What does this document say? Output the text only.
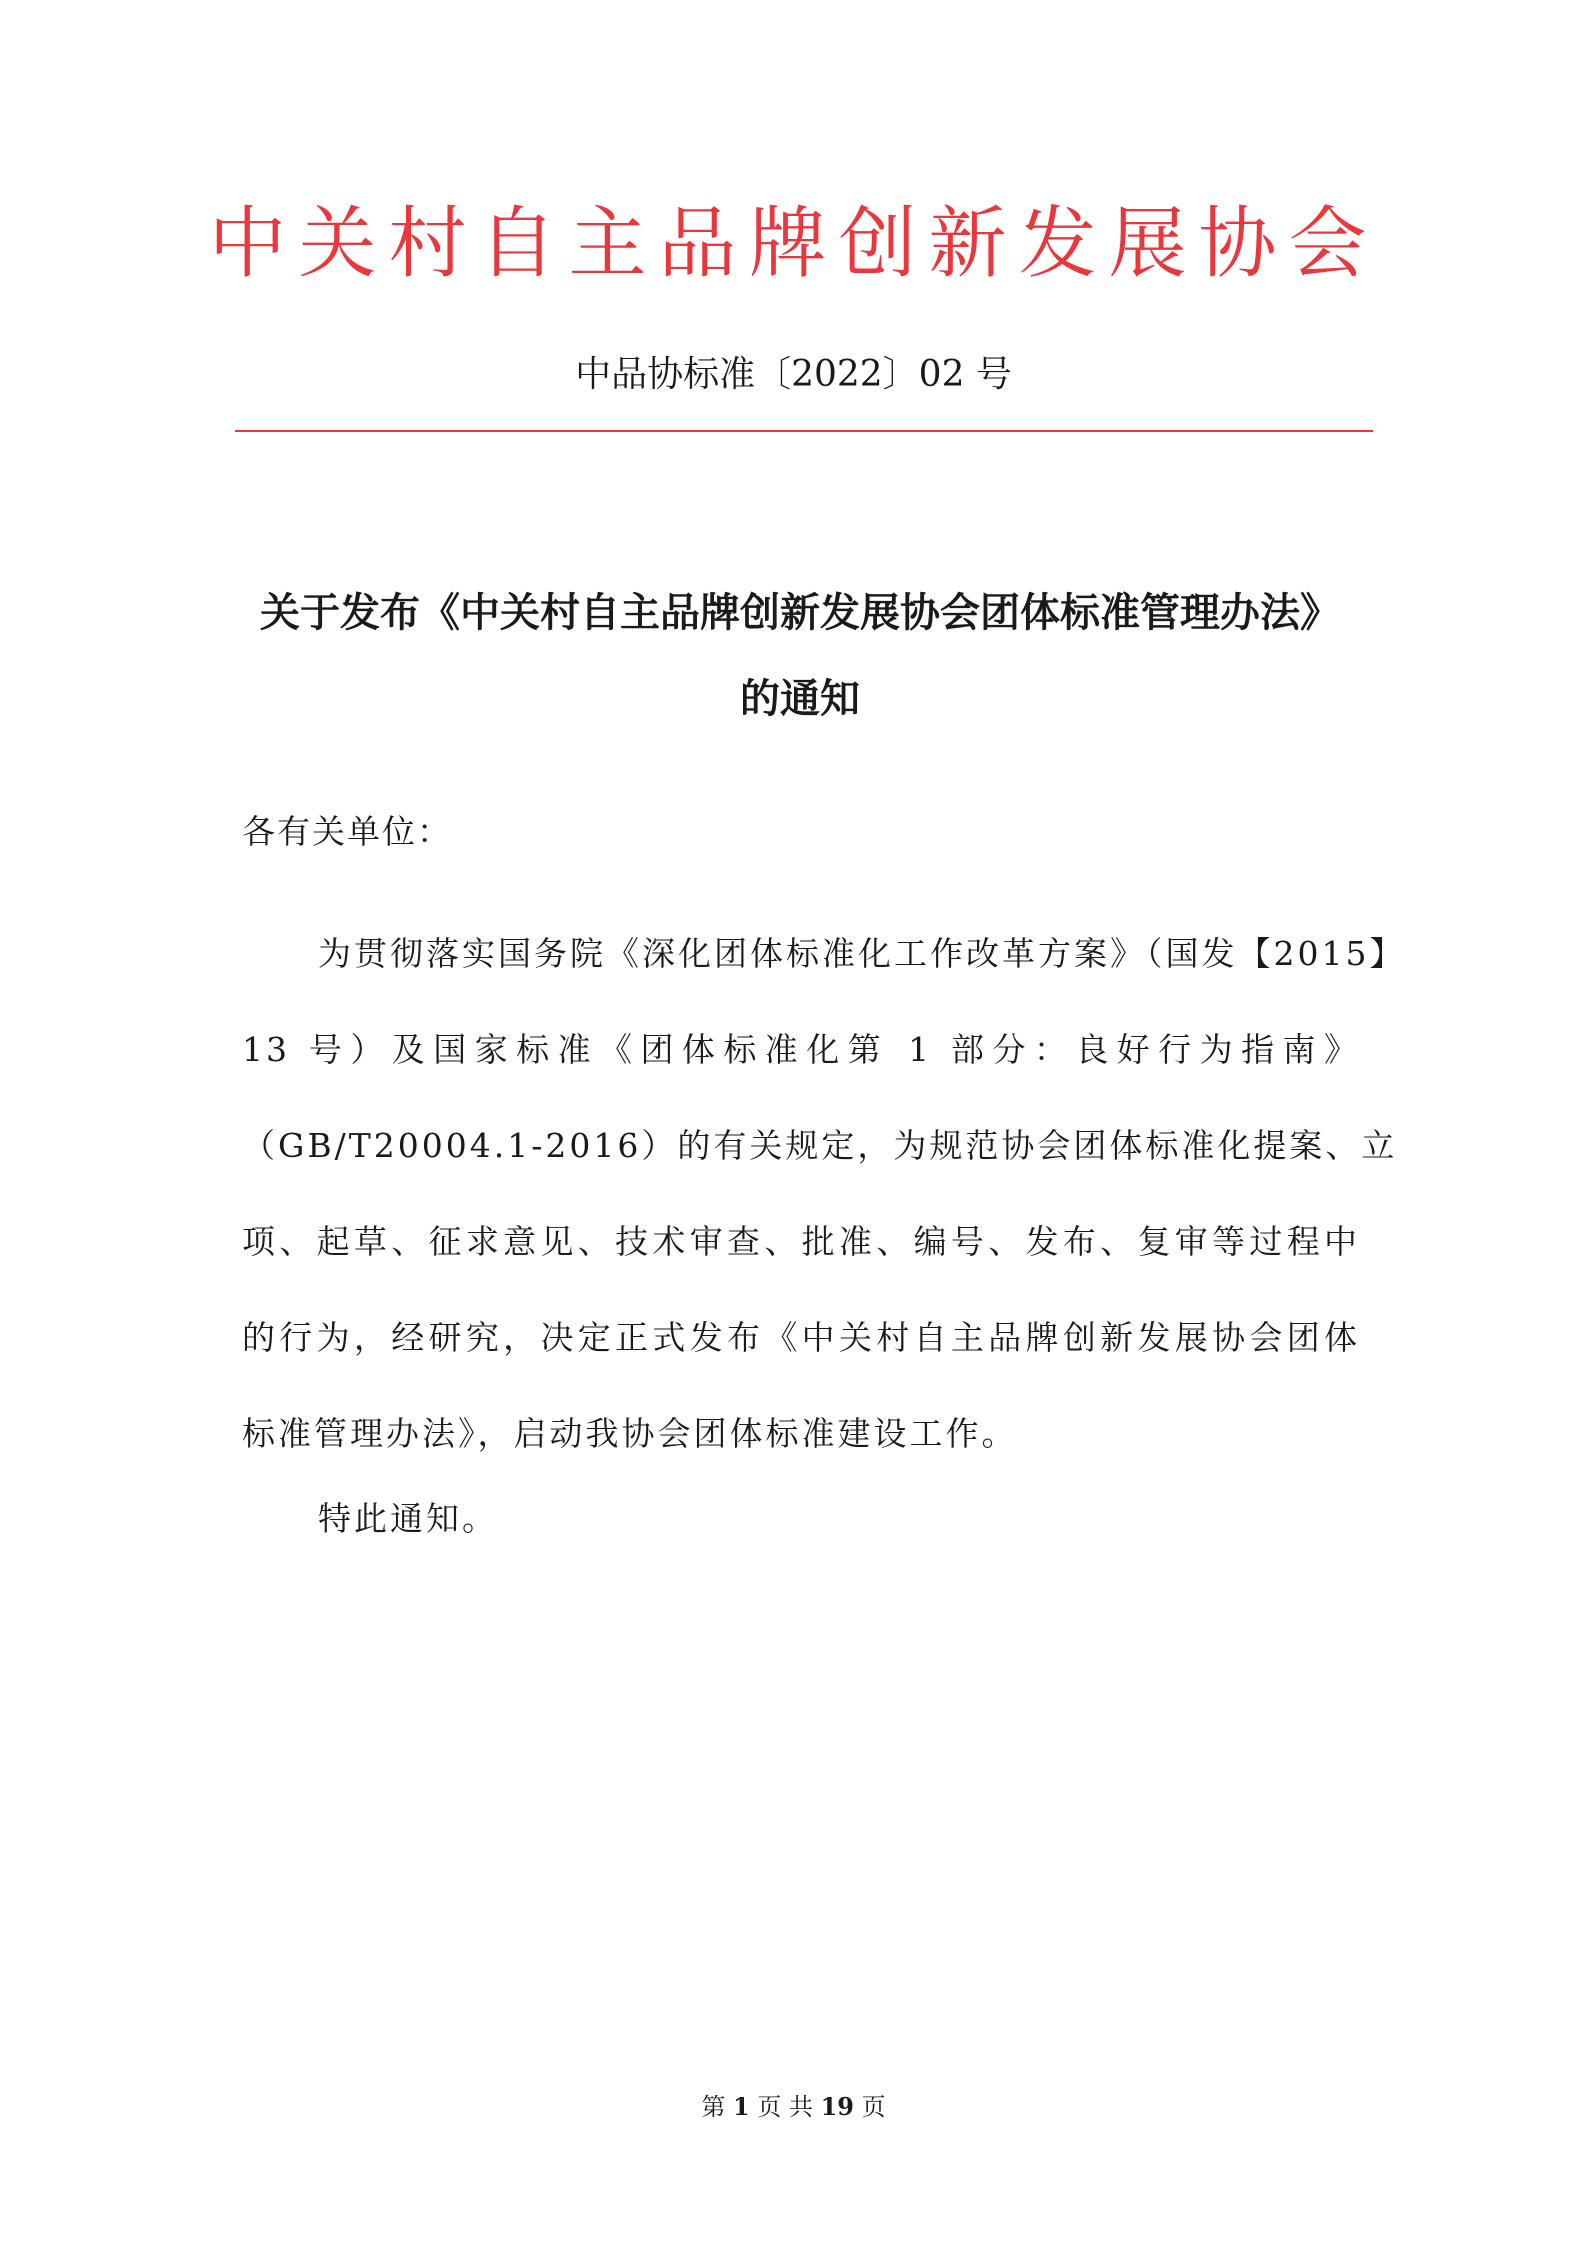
中关村自主品牌创新发展协会
中品协标准〔2022〕02 号
关于发布《中关村自主品牌创新发展协会团体标准管理办法》
的通知
各有关单位：
为贯彻落实国务院《深化团体标准化工作改革方案》（国发【2015】
13 号）及国家标准《团体标准化第 1 部分：良好行为指南》
（GB/T20004.1-2016）的有关规定，为规范协会团体标准化提案、立
项、起草、征求意见、技术审查、批准、编号、发布、复审等过程中
的行为，经研究，决定正式发布《中关村自主品牌创新发展协会团体
标准管理办法》，启动我协会团体标准建设工作。
特此通知。
第 1 页 共 19 页
